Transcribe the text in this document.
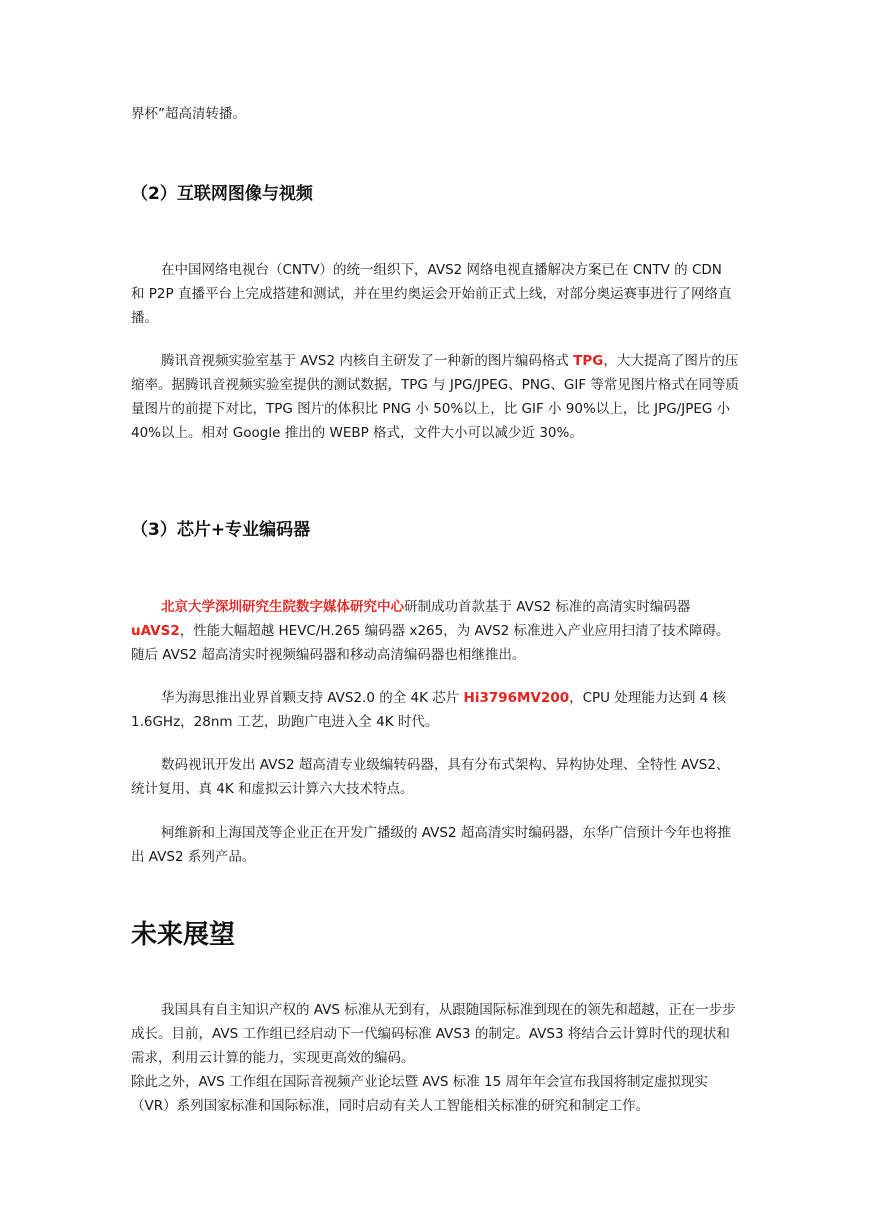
界杯”超高清转播。

（2）互联网图像与视频

在中国网络电视台（CNTV）的统一组织下，AVS2 网络电视直播解决方案已在 CNTV 的 CDN 和 P2P 直播平台上完成搭建和测试，并在里约奥运会开始前正式上线，对部分奥运赛事进行了网络直播。

腾讯音视频实验室基于 AVS2 内核自主研发了一种新的图片编码格式 TPG，大大提高了图片的压缩率。据腾讯音视频实验室提供的测试数据，TPG 与 JPG/JPEG、PNG、GIF 等常见图片格式在同等质量图片的前提下对比，TPG 图片的体积比 PNG 小 50%以上，比 GIF 小 90%以上，比 JPG/JPEG 小 40%以上。相对 Google 推出的 WEBP 格式，文件大小可以减少近 30%。

（3）芯片+专业编码器

北京大学深圳研究生院数字媒体研究中心研制成功首款基于 AVS2 标准的高清实时编码器 uAVS2，性能大幅超越 HEVC/H.265 编码器 x265，为 AVS2 标准进入产业应用扫清了技术障碍。随后 AVS2 超高清实时视频编码器和移动高清编码器也相继推出。

华为海思推出业界首颗支持 AVS2.0 的全 4K 芯片 Hi3796MV200，CPU 处理能力达到 4 核 1.6GHz，28nm 工艺，助跑广电进入全 4K 时代。

数码视讯开发出 AVS2 超高清专业级编转码器，具有分布式架构、异构协处理、全特性 AVS2、统计复用、真 4K 和虚拟云计算六大技术特点。

柯维新和上海国茂等企业正在开发广播级的 AVS2 超高清实时编码器，东华广信预计今年也将推出 AVS2 系列产品。

未来展望

我国具有自主知识产权的 AVS 标准从无到有，从跟随国际标准到现在的领先和超越，正在一步步成长。目前，AVS 工作组已经启动下一代编码标准 AVS3 的制定。AVS3 将结合云计算时代的现状和需求，利用云计算的能力，实现更高效的编码。

除此之外，AVS 工作组在国际音视频产业论坛暨 AVS 标准 15 周年年会宣布我国将制定虚拟现实（VR）系列国家标准和国际标准，同时启动有关人工智能相关标准的研究和制定工作。
